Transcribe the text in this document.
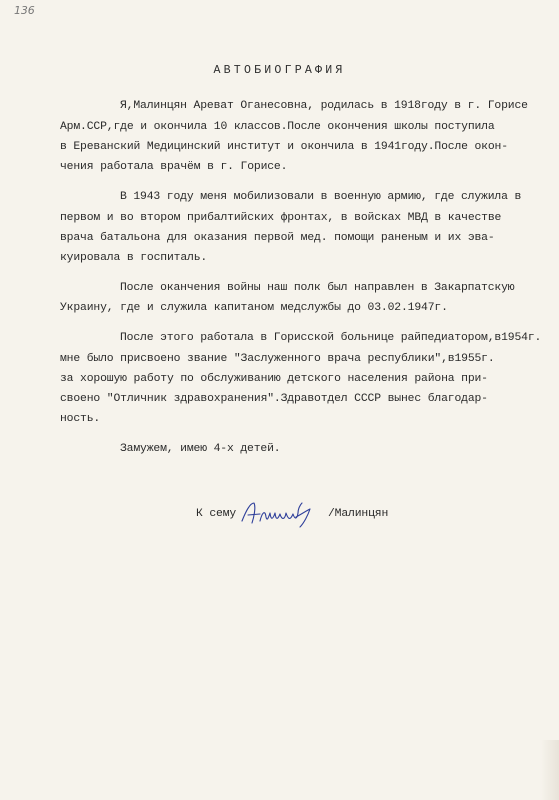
136
АВТОБИОГРАФИЯ
Я,Малинцян Ареват Оганесовна, родилась в 1918году в г. Горисе
Арм.ССР,где и окончила 10 классов.После окончения школы поступила
в Ереванский Медицинский институт и окончила в 1941году.После окон-
чения работала врачём в г. Горисе.
В 1943 году меня мобилизовали в военную армию, где служила в
первом и во втором прибалтийских фронтах, в войсках МВД в качестве
врача батальона для оказания первой мед. помощи раненым и их эва-
куировала в госпиталь.
После оканчения войны наш полк был направлен в Закарпатскую
Украину, где и служила капитаном медслужбы до 03.02.1947г.
После этого работала в Горисской больнице райпедиатором,в1954г.
мне было присвоено звание "Заслуженного врача республики",в1955г.
за хорошую работу по обслуживанию детского населения района при-
своено "Отличник здравохранения".Здравотдел СССР вынес благодар-
ность.
Замужем, имею 4-х детей.
К сему	/Малинцян
